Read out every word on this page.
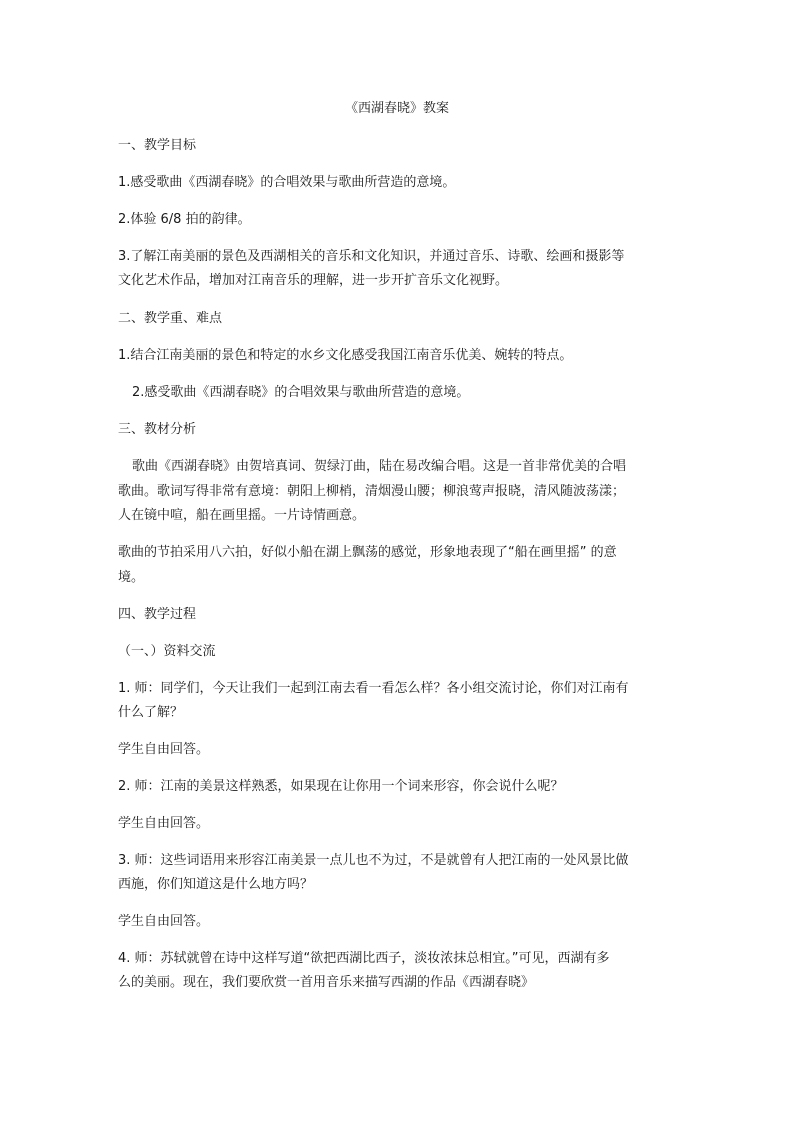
《西湖春晓》教案
一、教学目标
1.感受歌曲《西湖春晓》的合唱效果与歌曲所营造的意境。
2.体验 6/8 拍的韵律。
3.了解江南美丽的景色及西湖相关的音乐和文化知识，并通过音乐、诗歌、绘画和摄影等
文化艺术作品，增加对江南音乐的理解，进一步开扩音乐文化视野。
二、教学重、难点
1.结合江南美丽的景色和特定的水乡文化感受我国江南音乐优美、婉转的特点。
2.感受歌曲《西湖春晓》的合唱效果与歌曲所营造的意境。
三、教材分析
歌曲《西湖春晓》由贺培真词、贺绿汀曲，陆在易改编合唱。这是一首非常优美的合唱
歌曲。歌词写得非常有意境：朝阳上柳梢，清烟漫山腰；柳浪莺声报晓，清风随波荡漾；
人在镜中喧，船在画里摇。一片诗情画意。
歌曲的节拍采用八六拍，好似小船在湖上飘荡的感觉，形象地表现了“船在画里摇” 的意
境。
四、教学过程
（一、）资料交流
1. 师：同学们，今天让我们一起到江南去看一看怎么样？各小组交流讨论，你们对江南有
什么了解？
学生自由回答。
2. 师：江南的美景这样熟悉，如果现在让你用一个词来形容，你会说什么呢？
学生自由回答。
3. 师：这些词语用来形容江南美景一点儿也不为过，不是就曾有人把江南的一处风景比做
西施，你们知道这是什么地方吗？
学生自由回答。
4. 师：苏轼就曾在诗中这样写道“欲把西湖比西子，淡妆浓抹总相宜。”可见，西湖有多
么的美丽。现在，我们要欣赏一首用音乐来描写西湖的作品《西湖春晓》
